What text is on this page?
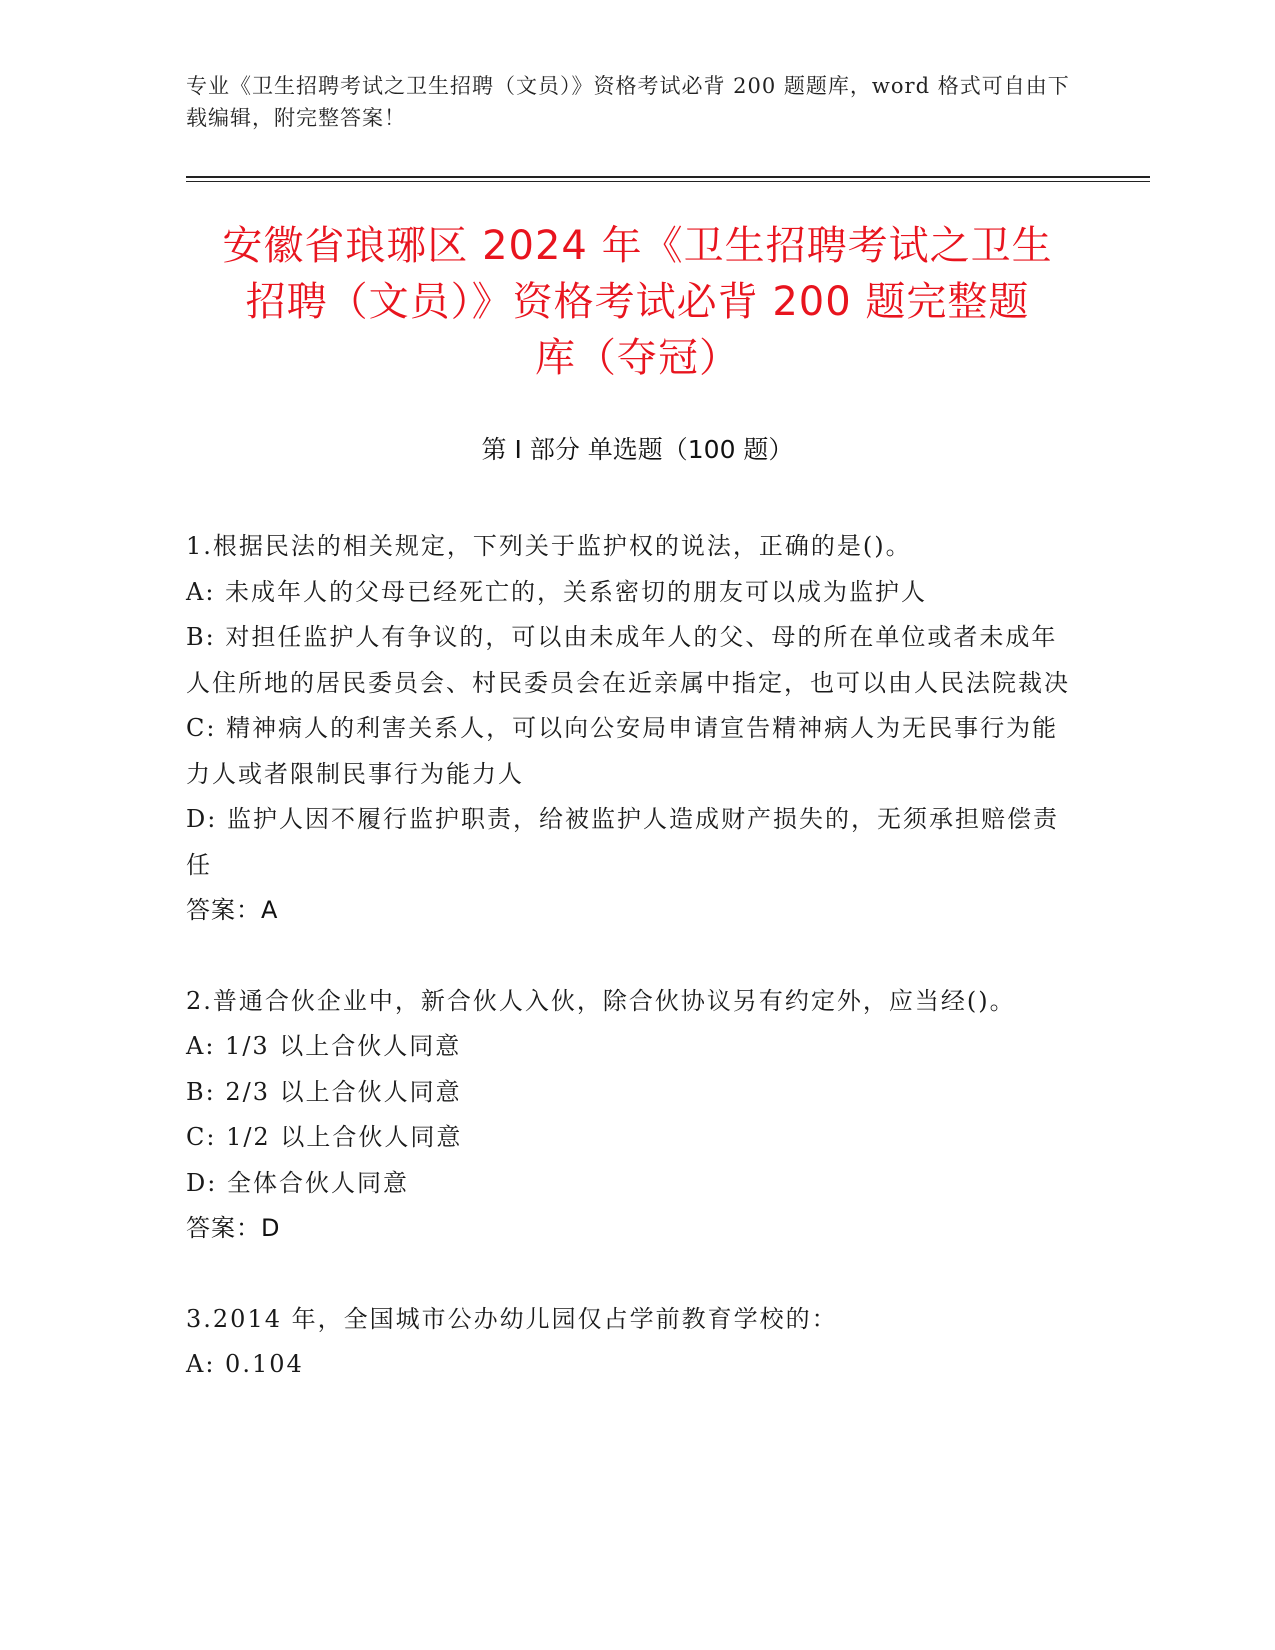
专业《卫生招聘考试之卫生招聘（文员）》资格考试必背 200 题题库，word 格式可自由下载编辑，附完整答案！
安徽省琅琊区 2024 年《卫生招聘考试之卫生
招聘（文员）》资格考试必背 200 题完整题
库（夺冠）
第 I 部分 单选题（100 题）

1.根据民法的相关规定，下列关于监护权的说法，正确的是()。

A: 未成年人的父母已经死亡的，关系密切的朋友可以成为监护人

B: 对担任监护人有争议的，可以由未成年人的父、母的所在单位或者未成年人住所地的居民委员会、村民委员会在近亲属中指定，也可以由人民法院裁决

C: 精神病人的利害关系人，可以向公安局申请宣告精神病人为无民事行为能力人或者限制民事行为能力人

D: 监护人因不履行监护职责，给被监护人造成财产损失的，无须承担赔偿责任

答案：A

2.普通合伙企业中，新合伙人入伙，除合伙协议另有约定外，应当经()。

A: 1/3 以上合伙人同意

B: 2/3 以上合伙人同意

C: 1/2 以上合伙人同意

D: 全体合伙人同意

答案：D

3.2014 年，全国城市公办幼儿园仅占学前教育学校的：

A: 0.104
